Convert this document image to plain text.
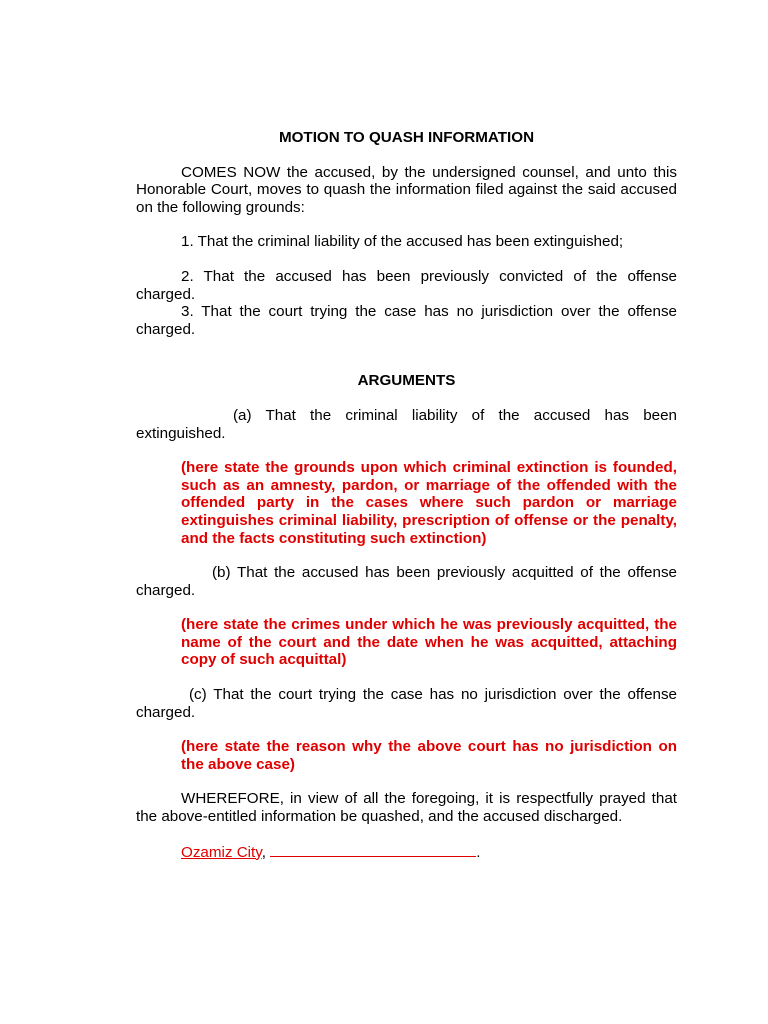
MOTION TO QUASH INFORMATION

COMES NOW the accused, by the undersigned counsel, and unto this Honorable Court, moves to quash the information filed against the said accused on the following grounds:

1. That the criminal liability of the accused has been extinguished;

2. That the accused has been previously convicted of the offense charged.

3. That the court trying the case has no jurisdiction over the offense charged.

ARGUMENTS

(a) That the criminal liability of the accused has been extinguished.

(here state the grounds upon which criminal extinction is founded, such as an amnesty, pardon, or marriage of the offended with the offended party in the cases where such pardon or marriage extinguishes criminal liability, prescription of offense or the penalty, and the facts constituting such extinction)

(b) That the accused has been previously acquitted of the offense charged.

(here state the crimes under which he was previously acquitted, the name of the court and the date when he was acquitted, attaching copy of such acquittal)

(c) That the court trying the case has no jurisdiction over the offense charged.

(here state the reason why the above court has no jurisdiction on the above case)

WHEREFORE, in view of all the foregoing, it is respectfully prayed that the above-entitled information be quashed, and the accused discharged.

Ozamiz City,	.
